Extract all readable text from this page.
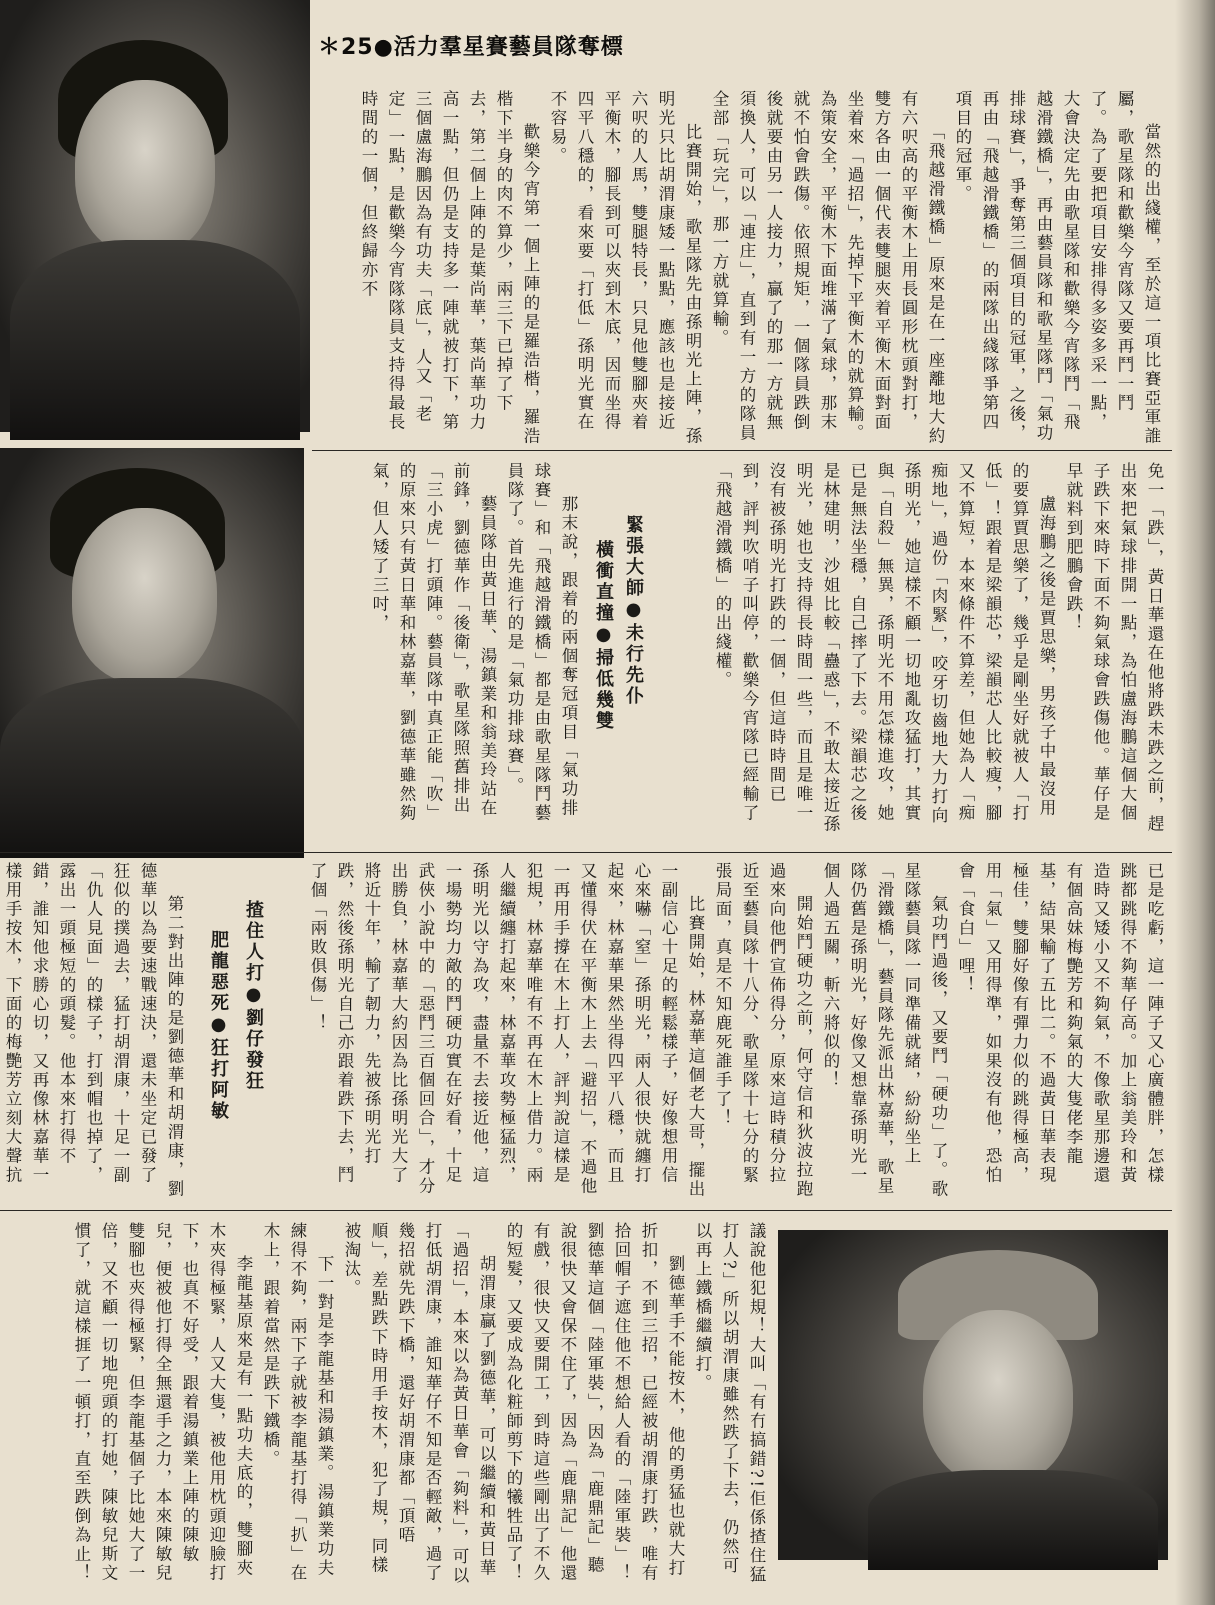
＊25●活力羣星賽藝員隊奪標

當然的出綫權，至於這一項比賽亞軍誰屬，歌星隊和歡樂今宵隊又要再鬥一鬥了。為了要把項目安排得多姿多采一點，大會決定先由歌星隊和歡樂今宵隊鬥「飛越滑鐵橋」，再由藝員隊和歌星隊鬥「氣功排球賽」，爭奪第三個項目的冠軍，之後，再由「飛越滑鐵橋」的兩隊出綫隊爭第四項目的冠軍。

「飛越滑鐵橋」原來是在一座離地大約有六呎高的平衡木上用長圓形枕頭對打，雙方各由一個代表雙腿夾着平衡木面對面坐着來「過招」，先掉下平衡木的就算輸。為策安全，平衡木下面堆滿了氣球，那末就不怕會跌傷。依照規矩，一個隊員跌倒後就要由另一人接力，贏了的那一方就無須換人，可以「連庄」，直到有一方的隊員全部「玩完」，那一方就算輸。

比賽開始，歌星隊先由孫明光上陣，孫明光只比胡渭康矮一點點，應該也是接近六呎的人馬，雙腿特長，只見他雙腳夾着平衡木，腳長到可以夾到木底，因而坐得四平八穩的，看來要「打低」孫明光實在不容易。

歡樂今宵第一個上陣的是羅浩楷，羅浩楷下半身的肉不算少，兩三下已掉了下去，第二個上陣的是葉尚華，葉尚華功力高一點，但仍是支持多一陣就被打下，第三個盧海鵬因為有功夫「底」，人又「老定」一點，是歡樂今宵隊隊員支持得最長時間的一個，但終歸亦不

免一「跌」，黃日華還在他將跌未跌之前，趕出來把氣球排開一點，為怕盧海鵬這個大個子跌下來時下面不夠氣球會跌傷他。華仔是早就料到肥鵬會跌！

盧海鵬之後是賈思樂，男孩子中最沒用的要算賈思樂了，幾乎是剛坐好就被人「打低」！跟着是梁韻芯，梁韻芯人比較瘦，腳又不算短，本來條件不算差，但她為人「痴痴地」，過份「肉緊」，咬牙切齒地大力打向孫明光，她這樣不顧一切地亂攻猛打，其實與「自殺」無異，孫明光不用怎樣進攻，她已是無法坐穩，自己摔了下去。梁韻芯之後是林建明，沙姐比較「蠱惑」，不敢太接近孫明光，她也支持得長時間一些，而且是唯一沒有被孫明光打跌的一個，但這時時間已到，評判吹哨子叫停，歡樂今宵隊已經輸了「飛越滑鐵橋」的出綫權。

緊張大師●未行先仆
橫衝直撞●掃低幾雙

那末說，跟着的兩個奪冠項目「氣功排球賽」和「飛越滑鐵橋」都是由歌星隊鬥藝員隊了。首先進行的是「氣功排球賽」。

藝員隊由黃日華、湯鎮業和翁美玲站在前鋒，劉德華作「後衛」，歌星隊照舊排出「三小虎」打頭陣。藝員隊中真正能「吹」的原來只有黃日華和林嘉華，劉德華雖然夠氣，但人矮了三吋，

已是吃虧，這一陣子又心廣體胖，怎樣跳都跳得不夠華仔高。加上翁美玲和黃造時又矮小又不夠氣，不像歌星那邊還有個高妹梅艷芳和夠氣的大隻佬李龍基，結果輸了五比二。不過黃日華表現極佳，雙腳好像有彈力似的跳得極高，用「氣」又用得準，如果沒有他，恐怕會「食白」哩！

氣功鬥過後，又要鬥「硬功」了。歌星隊藝員隊一同準備就緒，紛紛坐上「滑鐵橋」，藝員隊先派出林嘉華，歌星隊仍舊是孫明光，好像又想靠孫明光一個人過五關，斬六將似的！

開始鬥硬功之前，何守信和狄波拉跑過來向他們宣佈得分，原來這時積分拉近至藝員隊十八分、歌星隊十七分的緊張局面，真是不知鹿死誰手了！

比賽開始，林嘉華這個老大哥，擺出一副信心十足的輕鬆樣子，好像想用信心來嚇「窒」孫明光，兩人很快就纏打起來，林嘉華果然坐得四平八穩，而且又懂得伏在平衡木上去「避招」，不過他一再用手撐在木上打人，評判說這樣是犯規，林嘉華唯有不再在木上借力。兩人繼續纏打起來，林嘉華攻勢極猛烈，孫明光以守為攻，盡量不去接近他，這一場勢均力敵的鬥硬功實在好看，十足武俠小說中的「惡鬥三百個回合」，才分出勝負，林嘉華大約因為比孫明光大了將近十年，輸了韌力，先被孫明光打跌，然後孫明光自己亦跟着跌下去，鬥了個「兩敗俱傷」！

揸住人打●劉仔發狂
肥龍惡死●狂打阿敏

第二對出陣的是劉德華和胡渭康，劉德華以為要速戰速決，還未坐定已發了狂似的撲過去，猛打胡渭康，十足一副「仇人見面」的樣子，打到帽也掉了，露出一頭極短的頭髮。他本來打得不錯，誰知他求勝心切，又再像林嘉華一樣用手按木，下面的梅艷芳立刻大聲抗

議說他犯規！大叫「有冇搞錯?!佢係揸住猛打人?」所以胡渭康雖然跌了下去，仍然可以再上鐵橋繼續打。

劉德華手不能按木，他的勇猛也就大打折扣，不到三招，已經被胡渭康打跌，唯有拾回帽子遮住他不想給人看的「陸軍裝」！劉德華這個「陸軍裝」，因為「鹿鼎記」聽說很快又會保不住了，因為「鹿鼎記」他還有戲，很快又要開工，到時這些剛出了不久的短髮，又要成為化粧師剪下的犧牲品了！

胡渭康贏了劉德華，可以繼續和黃日華「過招」，本來以為黃日華會「夠料」，可以打低胡渭康，誰知華仔不知是否輕敵，過了幾招就先跌下橋，還好胡渭康都「頂唔順」，差點跌下時用手按木，犯了規，同樣被淘汰。

下一對是李龍基和湯鎮業。湯鎮業功夫練得不夠，兩下子就被李龍基打得「扒」在木上，跟着當然是跌下鐵橋。

李龍基原來是有一點功夫底的，雙腳夾木夾得極緊，人又大隻，被他用枕頭迎臉打下，也真不好受，跟着湯鎮業上陣的陳敏兒，便被他打得全無還手之力，本來陳敏兒雙腳也夾得極緊，但李龍基個子比她大了一倍，又不顧一切地兜頭的打她，陳敏兒斯文慣了，就這樣捱了一頓打，直至跌倒為止！
